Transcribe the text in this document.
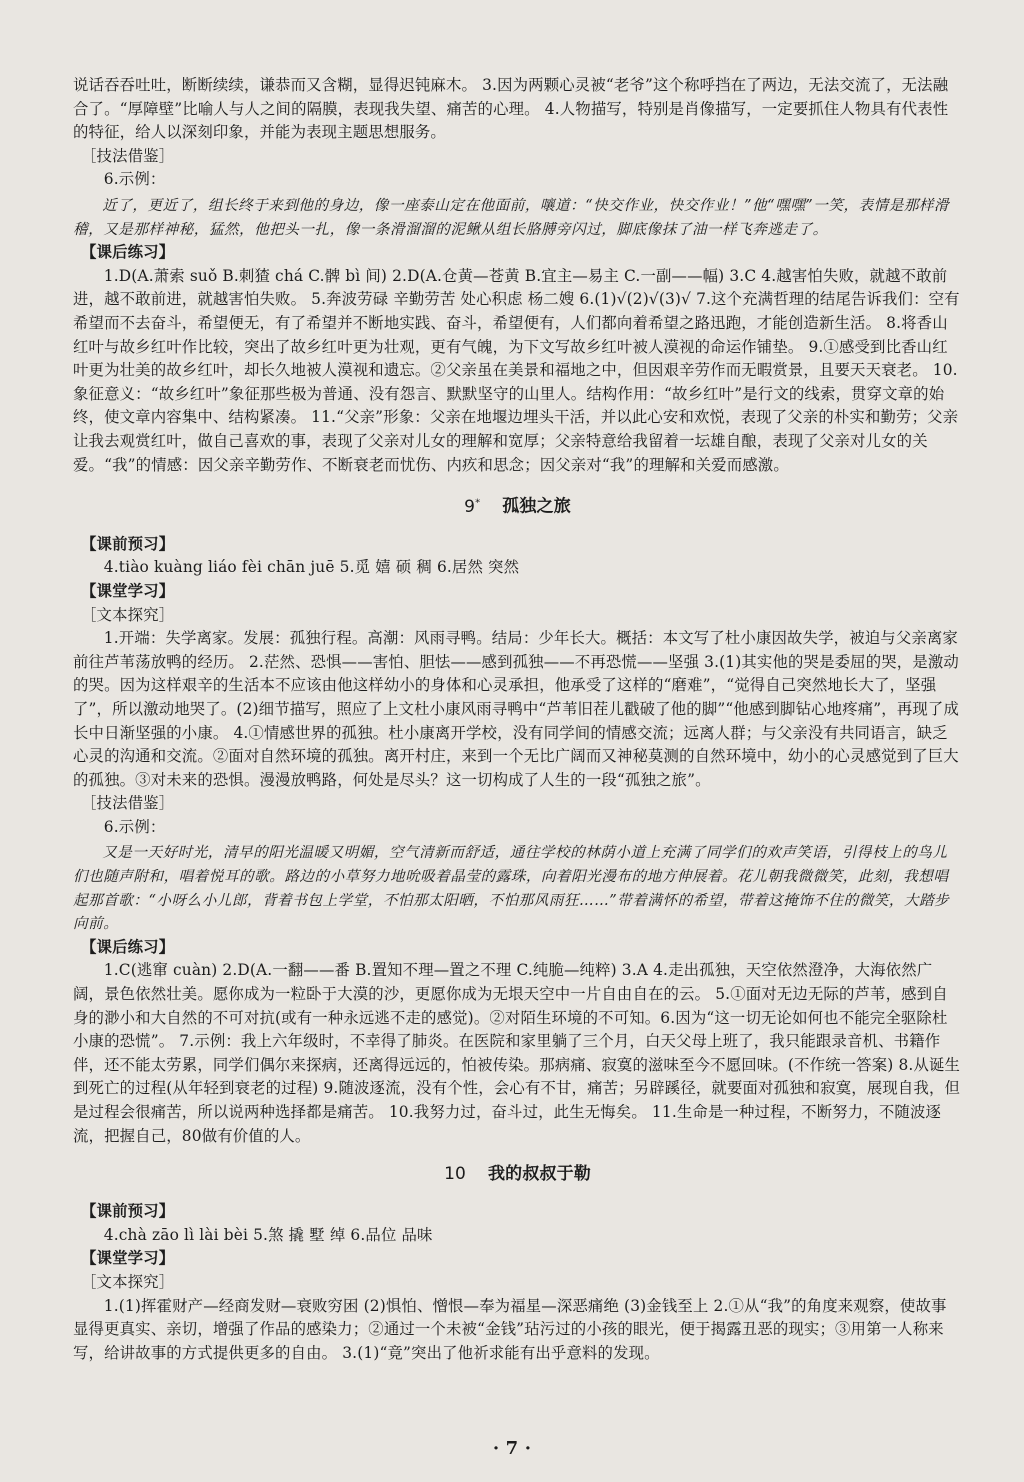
说话吞吞吐吐，断断续续，谦恭而又含糊，显得迟钝麻木。 3.因为两颗心灵被“老爷”这个称呼挡在了两边，无法交流了，无法融合了。“厚障壁”比喻人与人之间的隔膜，表现我失望、痛苦的心理。 4.人物描写，特别是肖像描写，一定要抓住人物具有代表性的特征，给人以深刻印象，并能为表现主题思想服务。

［技法借鉴］

6.示例：

近了，更近了，组长终于来到他的身边，像一座泰山定在他面前，嚷道：“快交作业，快交作业！”他“嘿嘿”一笑，表情是那样滑稽，又是那样神秘，猛然，他把头一扎，像一条滑溜溜的泥鳅从组长胳膊旁闪过，脚底像抹了油一样飞奔逃走了。

【课后练习】

1.D(A.萧索 suǒ B.刺猹 chá C.髀 bì 间) 2.D(A.仓黄—苍黄 B.宜主—易主 C.一副——幅) 3.C 4.越害怕失败，就越不敢前进，越不敢前进，就越害怕失败。 5.奔波劳碌 辛勤劳苦 处心积虑 杨二嫂 6.(1)√(2)√(3)√ 7.这个充满哲理的结尾告诉我们：空有希望而不去奋斗，希望便无，有了希望并不断地实践、奋斗，希望便有，人们都向着希望之路迅跑，才能创造新生活。 8.将香山红叶与故乡红叶作比较，突出了故乡红叶更为壮观，更有气魄，为下文写故乡红叶被人漠视的命运作铺垫。 9.①感受到比香山红叶更为壮美的故乡红叶，却长久地被人漠视和遗忘。②父亲虽在美景和福地之中，但因艰辛劳作而无暇赏景，且要天天衰老。 10.象征意义：“故乡红叶”象征那些极为普通、没有怨言、默默坚守的山里人。结构作用：“故乡红叶”是行文的线索，贯穿文章的始终，使文章内容集中、结构紧凑。 11.“父亲”形象：父亲在地堰边埋头干活，并以此心安和欢悦，表现了父亲的朴实和勤劳；父亲让我去观赏红叶，做自己喜欢的事，表现了父亲对儿女的理解和宽厚；父亲特意给我留着一坛雄自酿，表现了父亲对儿女的关爱。“我”的情感：因父亲辛勤劳作、不断衰老而忧伤、内疚和思念；因父亲对“我”的理解和关爱而感激。

9* 孤独之旅

【课前预习】

4.tiào kuàng liáo fèi chān juē 5.觅 嬉 硕 稠 6.居然 突然

【课堂学习】

［文本探究］

1.开端：失学离家。发展：孤独行程。高潮：风雨寻鸭。结局：少年长大。概括：本文写了杜小康因故失学，被迫与父亲离家前往芦苇荡放鸭的经历。 2.茫然、恐惧——害怕、胆怯——感到孤独——不再恐慌——坚强 3.(1)其实他的哭是委屈的哭，是激动的哭。因为这样艰辛的生活本不应该由他这样幼小的身体和心灵承担，他承受了这样的“磨难”，“觉得自己突然地长大了，坚强了”，所以激动地哭了。(2)细节描写，照应了上文杜小康风雨寻鸭中“芦苇旧茬儿戳破了他的脚”“他感到脚钻心地疼痛”，再现了成长中日渐坚强的小康。 4.①情感世界的孤独。杜小康离开学校，没有同学间的情感交流；远离人群；与父亲没有共同语言，缺乏心灵的沟通和交流。②面对自然环境的孤独。离开村庄，来到一个无比广阔而又神秘莫测的自然环境中，幼小的心灵感觉到了巨大的孤独。③对未来的恐惧。漫漫放鸭路，何处是尽头？这一切构成了人生的一段“孤独之旅”。

［技法借鉴］

6.示例：

又是一天好时光，清早的阳光温暖又明媚，空气清新而舒适，通往学校的林荫小道上充满了同学们的欢声笑语，引得枝上的鸟儿们也随声附和，唱着悦耳的歌。路边的小草努力地吮吸着晶莹的露珠，向着阳光漫布的地方伸展着。花儿朝我微微笑，此刻，我想唱起那首歌：“小呀么小儿郎，背着书包上学堂，不怕那太阳晒，不怕那风雨狂……”带着满怀的希望，带着这掩饰不住的微笑，大踏步向前。

【课后练习】

1.C(逃窜 cuàn) 2.D(A.一翻——番 B.置知不理—置之不理 C.纯脆—纯粹) 3.A 4.走出孤独，天空依然澄净，大海依然广阔，景色依然壮美。愿你成为一粒卧于大漠的沙，更愿你成为无垠天空中一片自由自在的云。 5.①面对无边无际的芦苇，感到自身的渺小和大自然的不可对抗(或有一种永远逃不走的感觉)。②对陌生环境的不可知。6.因为“这一切无论如何也不能完全驱除杜小康的恐慌”。 7.示例：我上六年级时，不幸得了肺炎。在医院和家里躺了三个月，白天父母上班了，我只能跟录音机、书籍作伴，还不能太劳累，同学们偶尔来探病，还离得远远的，怕被传染。那病痛、寂寞的滋味至今不愿回味。(不作统一答案) 8.从诞生到死亡的过程(从年轻到衰老的过程) 9.随波逐流，没有个性，会心有不甘，痛苦；另辟蹊径，就要面对孤独和寂寞，展现自我，但是过程会很痛苦，所以说两种选择都是痛苦。 10.我努力过，奋斗过，此生无悔矣。 11.生命是一种过程，不断努力，不随波逐流，把握自己，80做有价值的人。

10 我的叔叔于勒

【课前预习】

4.chà zāo lì lài bèi 5.煞 撬 墅 绰 6.品位 品味

【课堂学习】

［文本探究］

1.(1)挥霍财产—经商发财—衰败穷困 (2)惧怕、憎恨—奉为福星—深恶痛绝 (3)金钱至上 2.①从“我”的角度来观察，使故事显得更真实、亲切，增强了作品的感染力；②通过一个未被“金钱”玷污过的小孩的眼光，便于揭露丑恶的现实；③用第一人称来写，给讲故事的方式提供更多的自由。 3.(1)“竟”突出了他祈求能有出乎意料的发现。

· 7 ·
